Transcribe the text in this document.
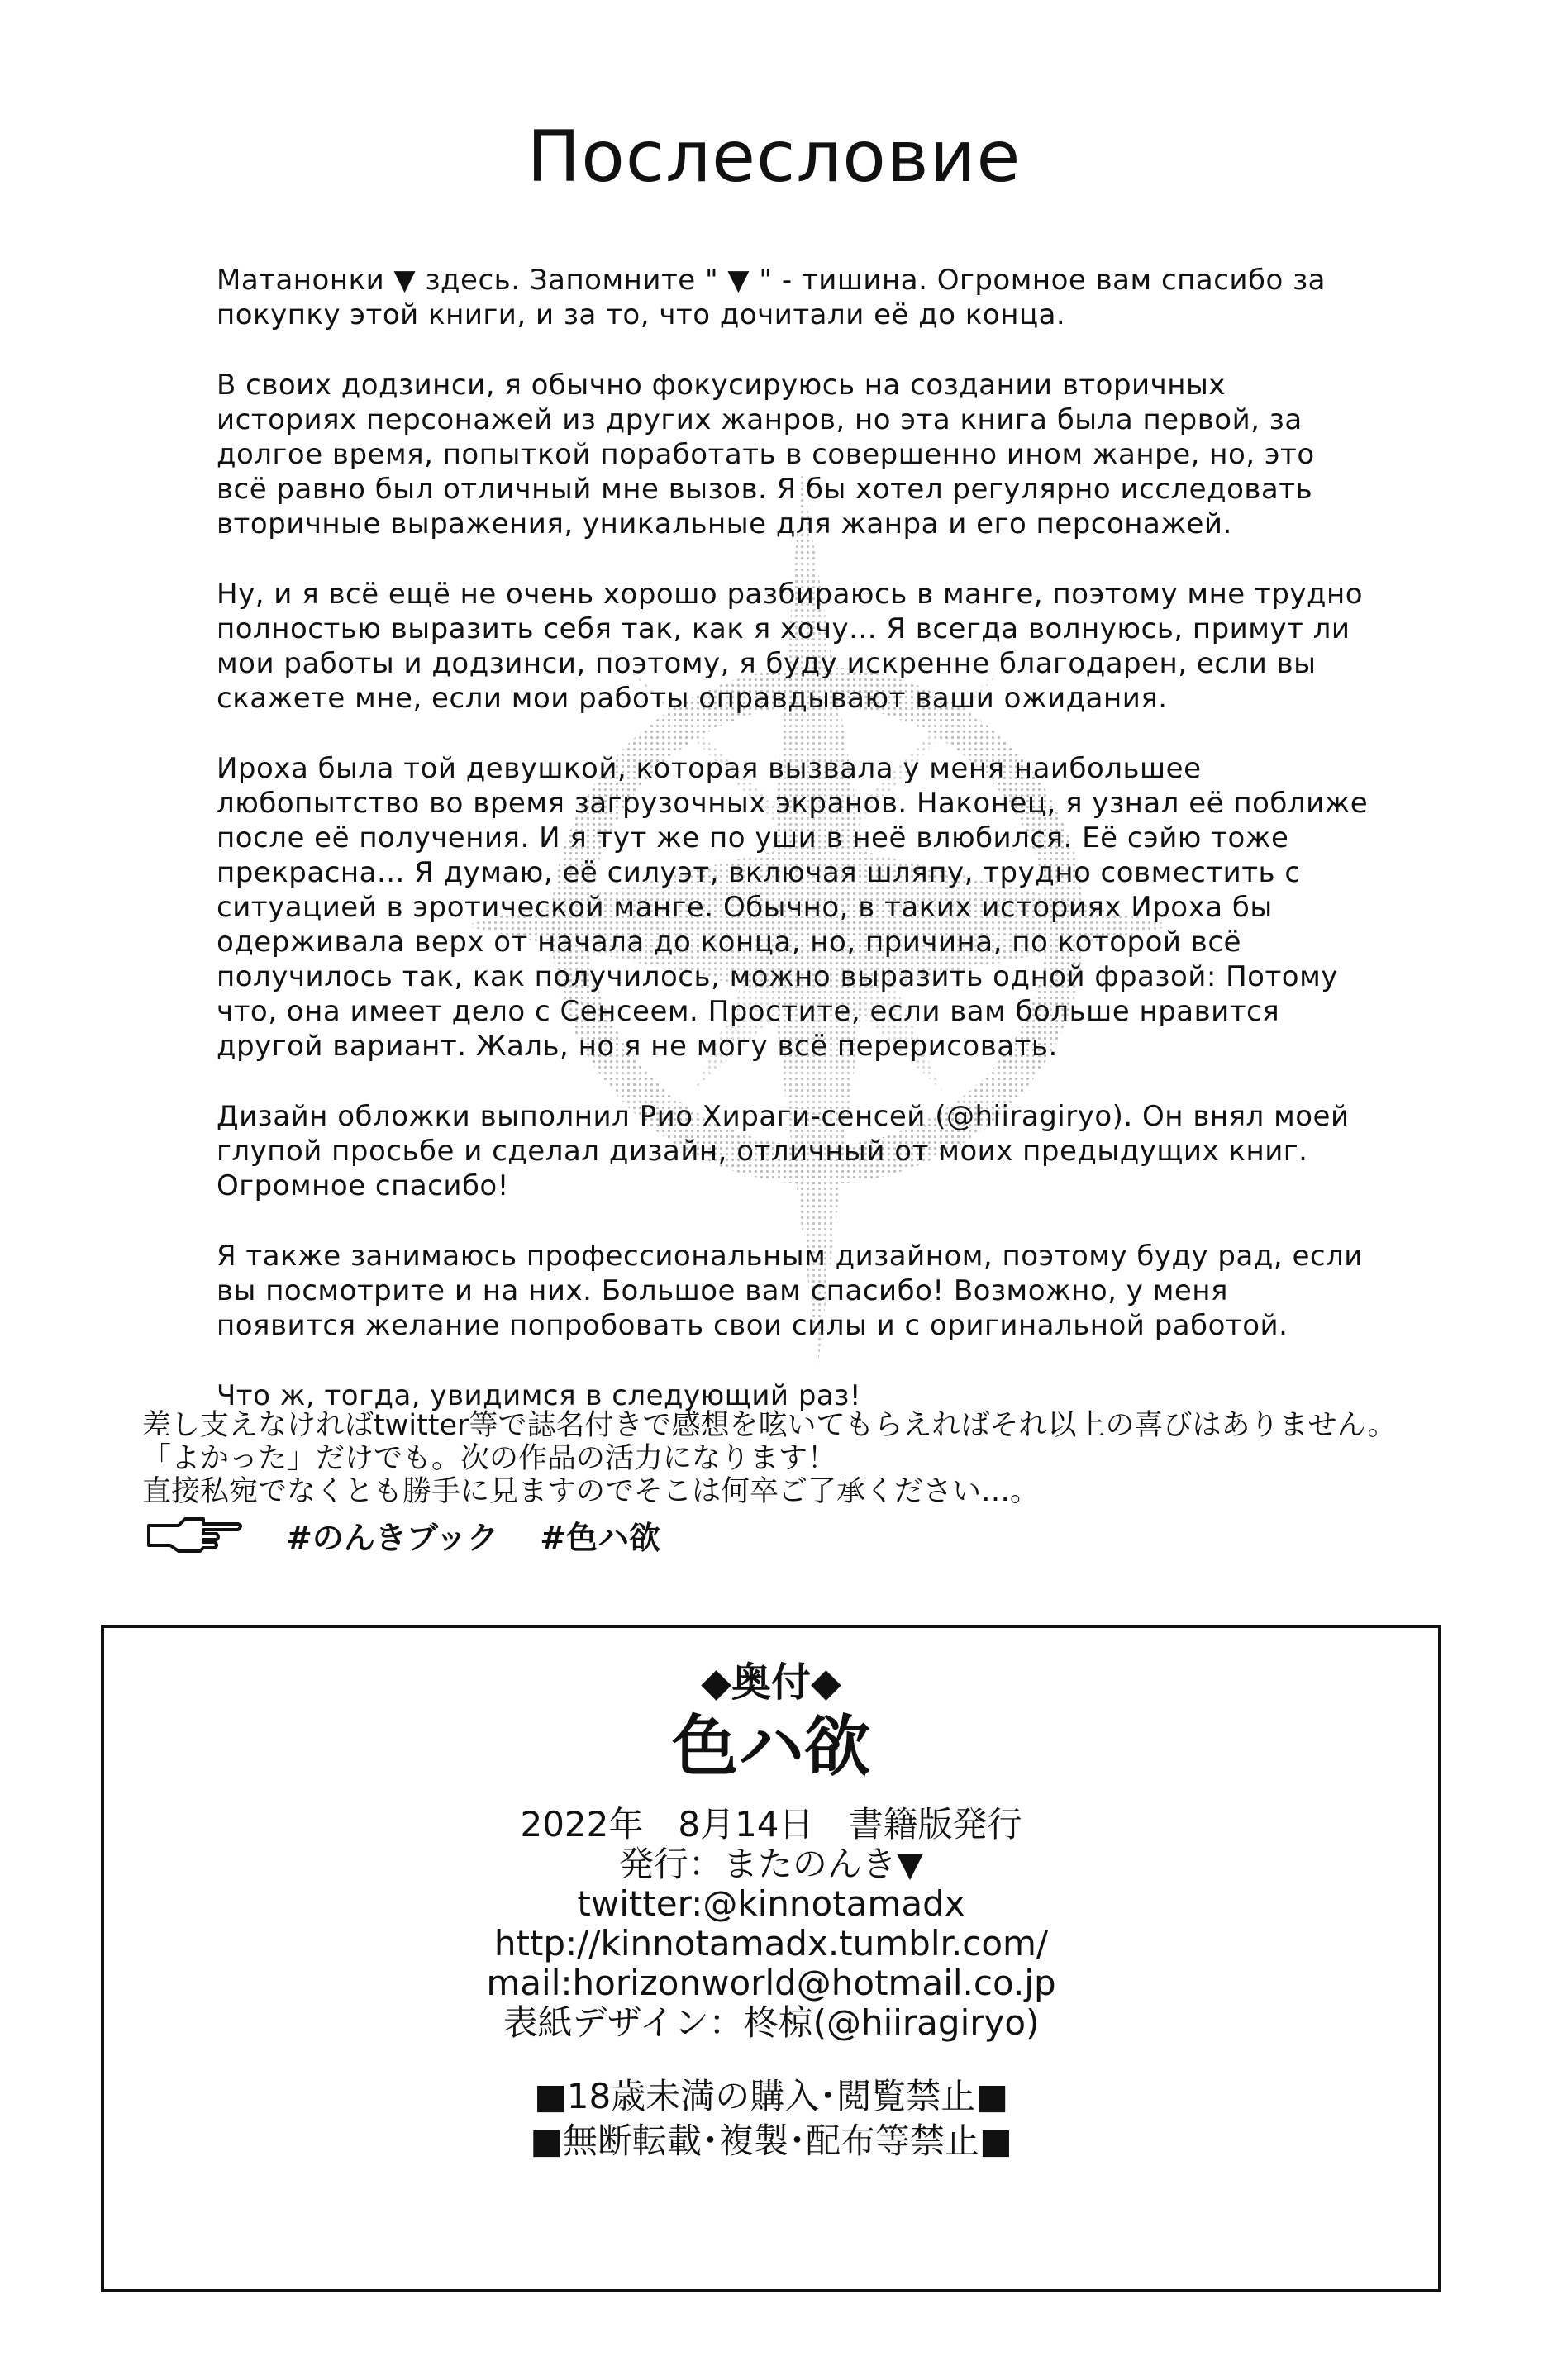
Послесловие

Матанонки ▼ здесь. Запомните " ▼ " - тишина. Огромное вам спасибо за покупку этой книги, и за то, что дочитали её до конца.

В своих додзинси, я обычно фокусируюсь на создании вторичных историях персонажей из других жанров, но эта книга была первой, за долгое время, попыткой поработать в совершенно ином жанре, но, это всё равно был отличный мне вызов. Я бы хотел регулярно исследовать вторичные выражения, уникальные для жанра и его персонажей.

Ну, и я всё ещё не очень хорошо разбираюсь в манге, поэтому мне трудно полностью выразить себя так, как я хочу... Я всегда волнуюсь, примут ли мои работы и додзинси, поэтому, я буду искренне благодарен, если вы скажете мне, если мои работы оправдывают ваши ожидания.

Ироха была той девушкой, которая вызвала у меня наибольшее любопытство во время загрузочных экранов. Наконец, я узнал её поближе после её получения. И я тут же по уши в неё влюбился. Её сэйю тоже прекрасна... Я думаю, её силуэт, включая шляпу, трудно совместить с ситуацией в эротической манге. Обычно, в таких историях Ироха бы одерживала верх от начала до конца, но, причина, по которой всё получилось так, как получилось, можно выразить одной фразой: Потому что, она имеет дело с Сенсеем. Простите, если вам больше нравится другой вариант. Жаль, но я не могу всё перерисовать.

Дизайн обложки выполнил Рио Хираги-сенсей (@hiiragiryo). Он внял моей глупой просьбе и сделал дизайн, отличный от моих предыдущих книг. Огромное спасибо!

Я также занимаюсь профессиональным дизайном, поэтому буду рад, если вы посмотрите и на них. Большое вам спасибо! Возможно, у меня появится желание попробовать свои силы и с оригинальной работой.

Что ж, тогда, увидимся в следующий раз!

差し支えなければtwitter等で誌名付きで感想を呟いてもらえればそれ以上の喜びはありません。
「よかった」だけでも。次の作品の活力になります！
直接私宛でなくとも勝手に見ますのでそこは何卒ご了承ください…。
#のんきブック #色ハ欲
◆奥付◆
色ハ欲
2022年　8月14日　書籍版発行
発行：またのんき▼
twitter:@kinnotamadx
http://kinnotamadx.tumblr.com/
mail:horizonworld@hotmail.co.jp
表紙デザイン：柊椋(@hiiragiryo)
■18歳未満の購入･閲覧禁止■
■無断転載･複製･配布等禁止■
